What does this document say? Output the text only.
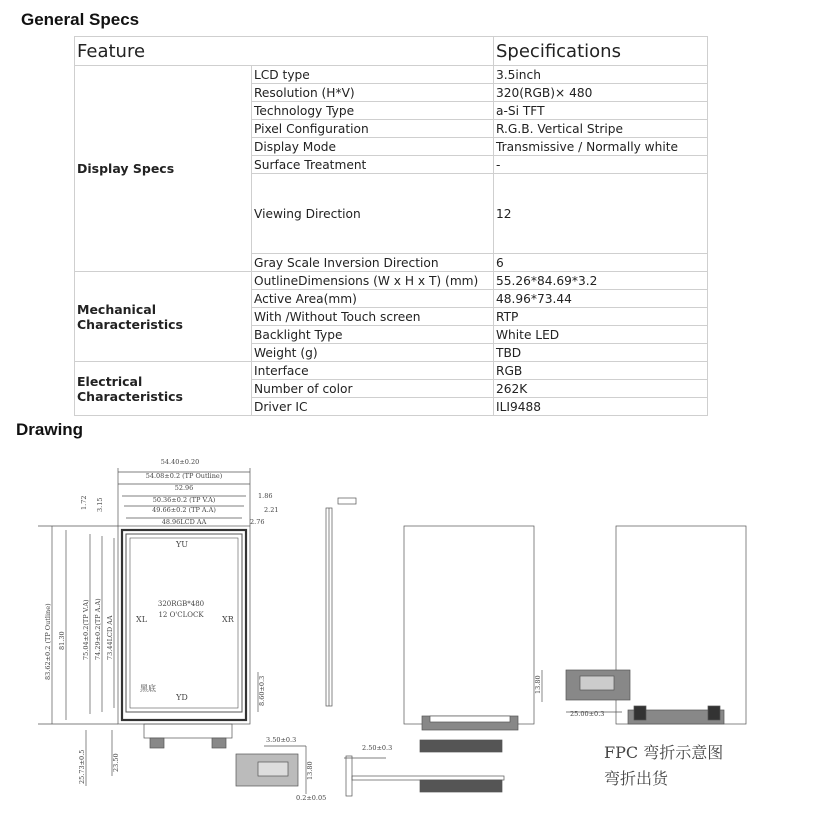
General Specs
Feature		Specifications
Display Specs	LCD type	3.5inch
	Resolution (H*V)	320(RGB)× 480
	Technology Type	a-Si TFT
	Pixel Configuration	R.G.B. Vertical Stripe
	Display Mode	Transmissive / Normally white
	Surface Treatment	-
	Viewing Direction	12
	Gray Scale Inversion Direction	6
Mechanical Characteristics	OutlineDimensions (W x H x T) (mm)	55.26*84.69*3.2
	Active Area(mm)	48.96*73.44
	With /Without Touch screen	RTP
	Backlight Type	White LED
	Weight (g)	TBD
Electrical Characteristics	Interface	RGB
	Number of color	262K
	Driver IC	ILI9488
Drawing
54.40±0.20
54.08±0.2 (TP Outline)
52.96
50.36±0.2 (TP V.A)
49.66±0.2 (TP A.A)
48.96LCD AA
1.86
2.21
2.76
1.72 3.15
83.62±0.2 (TP Outline) 81.30 75.04±0.2(TP V.A) 74.29±0.2(TP A.A) 73.44LCD AA
8.60±0.3
25.73±0.5	23.50
3.50±0.3
13.80
0.2±0.05
2.50±0.3
13.80
25.00±0.3
YU
YD
XL	XR
黑底
320RGB*480
12 O'CLOCK
FPC 弯折示意图
弯折出货
